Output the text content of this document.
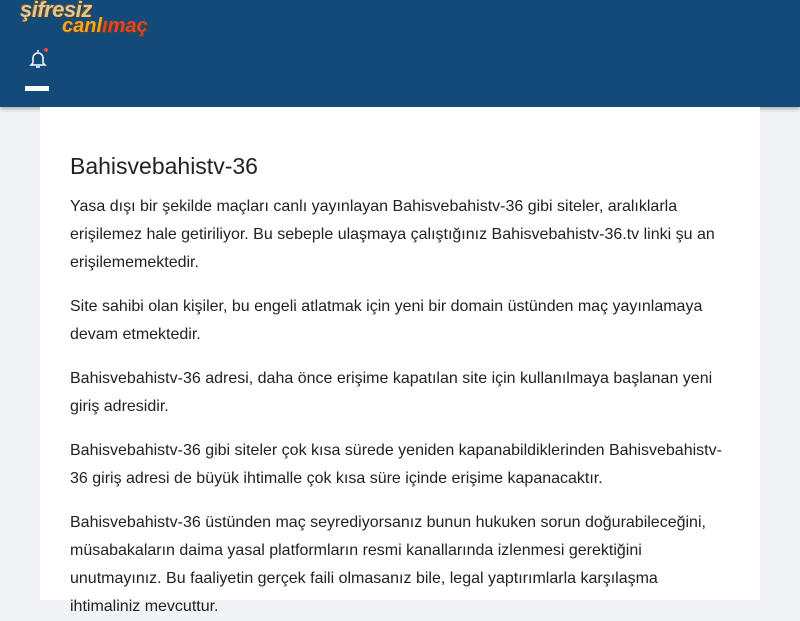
şifresiz
canlımaç
Bahisvebahistv-36

Yasa dışı bir şekilde maçları canlı yayınlayan Bahisvebahistv-36 gibi siteler, aralıklarla erişilemez hale getiriliyor. Bu sebeple ulaşmaya çalıştığınız Bahisvebahistv-36.tv linki şu an erişilememektedir.

Site sahibi olan kişiler, bu engeli atlatmak için yeni bir domain üstünden maç yayınlamaya devam etmektedir.

Bahisvebahistv-36 adresi, daha önce erişime kapatılan site için kullanılmaya başlanan yeni giriş adresidir.

Bahisvebahistv-36 gibi siteler çok kısa sürede yeniden kapanabildiklerinden Bahisvebahistv-36 giriş adresi de büyük ihtimalle çok kısa süre içinde erişime kapanacaktır.

Bahisvebahistv-36 üstünden maç seyrediyorsanız bunun hukuken sorun doğurabileceğini, müsabakaların daima yasal platformların resmi kanallarında izlenmesi gerektiğini unutmayınız. Bu faaliyetin gerçek faili olmasanız bile, legal yaptırımlarla karşılaşma ihtimaliniz mevcuttur.
